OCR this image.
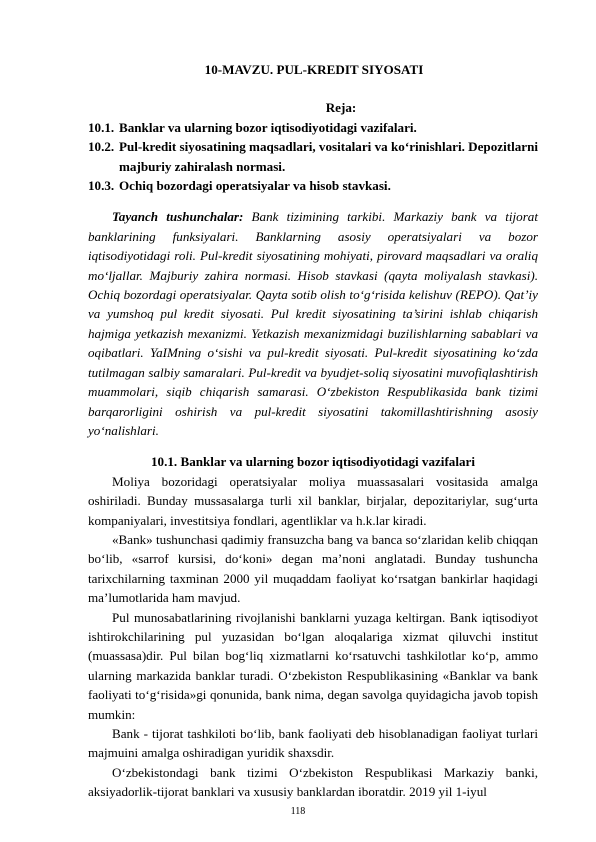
10-MAVZU. PUL-KREDIT SIYOSATI

Reja:

10.1. Banklar va ularning bozor iqtisodiyotidagi vazifalari.
10.2. Pul-kredit siyosatining maqsadlari, vositalari va ko‘rinishlari. Depozitlarni majburiy zahiralash normasi.
10.3. Ochiq bozordagi operatsiyalar va hisob stavkasi.

Tayanch tushunchalar: Bank tizimining tarkibi. Markaziy bank va tijorat banklarining funksiyalari. Banklarning asosiy operatsiyalari va bozor iqtisodiyotidagi roli. Pul-kredit siyosatining mohiyati, pirovard maqsadlari va oraliq mo‘ljallar. Majburiy zahira normasi. Hisob stavkasi (qayta moliyalash stavkasi). Ochiq bozordagi operatsiyalar. Qayta sotib olish to‘g‘risida kelishuv (REPO). Qat’iy va yumshoq pul kredit siyosati. Pul kredit siyosatining ta’sirini ishlab chiqarish hajmiga yetkazish mexanizmi. Yetkazish mexanizmidagi buzilishlarning sabablari va oqibatlari. YaIMning o‘sishi va pul-kredit siyosati. Pul-kredit siyosatining ko‘zda tutilmagan salbiy samaralari. Pul-kredit va byudjet-soliq siyosatini muvofiqlashtirish muammolari, siqib chiqarish samarasi. O‘zbekiston Respublikasida bank tizimi barqarorligini oshirish va pul-kredit siyosatini takomillashtirishning asosiy yo‘nalishlari.

10.1. Banklar va ularning bozor iqtisodiyotidagi vazifalari

Moliya bozoridagi operatsiyalar moliya muassasalari vositasida amalga oshiriladi. Bunday mussasalarga turli xil banklar, birjalar, depozitariylar, sug‘urta kompaniyalari, investitsiya fondlari, agentliklar va h.k.lar kiradi.

«Bank» tushunchasi qadimiy fransuzcha bang va banca so‘zlaridan kelib chiqqan bo‘lib, «sarrof kursisi, do‘koni» degan ma’noni anglatadi. Bunday tushuncha tarixchilarning taxminan 2000 yil muqaddam faoliyat ko‘rsatgan bankirlar haqidagi ma’lumotlarida ham mavjud.

Pul munosabatlarining rivojlanishi banklarni yuzaga keltirgan. Bank iqtisodiyot ishtirokchilarining pul yuzasidan bo‘lgan aloqalariga xizmat qiluvchi institut (muassasa)dir. Pul bilan bog‘liq xizmatlarni ko‘rsatuvchi tashkilotlar ko‘p, ammo ularning markazida banklar turadi. O‘zbekiston Respublikasining «Banklar va bank faoliyati to‘g‘risida»gi qonunida, bank nima, degan savolga quyidagicha javob topish mumkin:

Bank - tijorat tashkiloti bo‘lib, bank faoliyati deb hisoblanadigan faoliyat turlari majmuini amalga oshiradigan yuridik shaxsdir.

O‘zbekistondagi bank tizimi O‘zbekiston Respublikasi Markaziy banki, aksiyadorlik-tijorat banklari va xususiy banklardan iboratdir. 2019 yil 1-iyul

118
